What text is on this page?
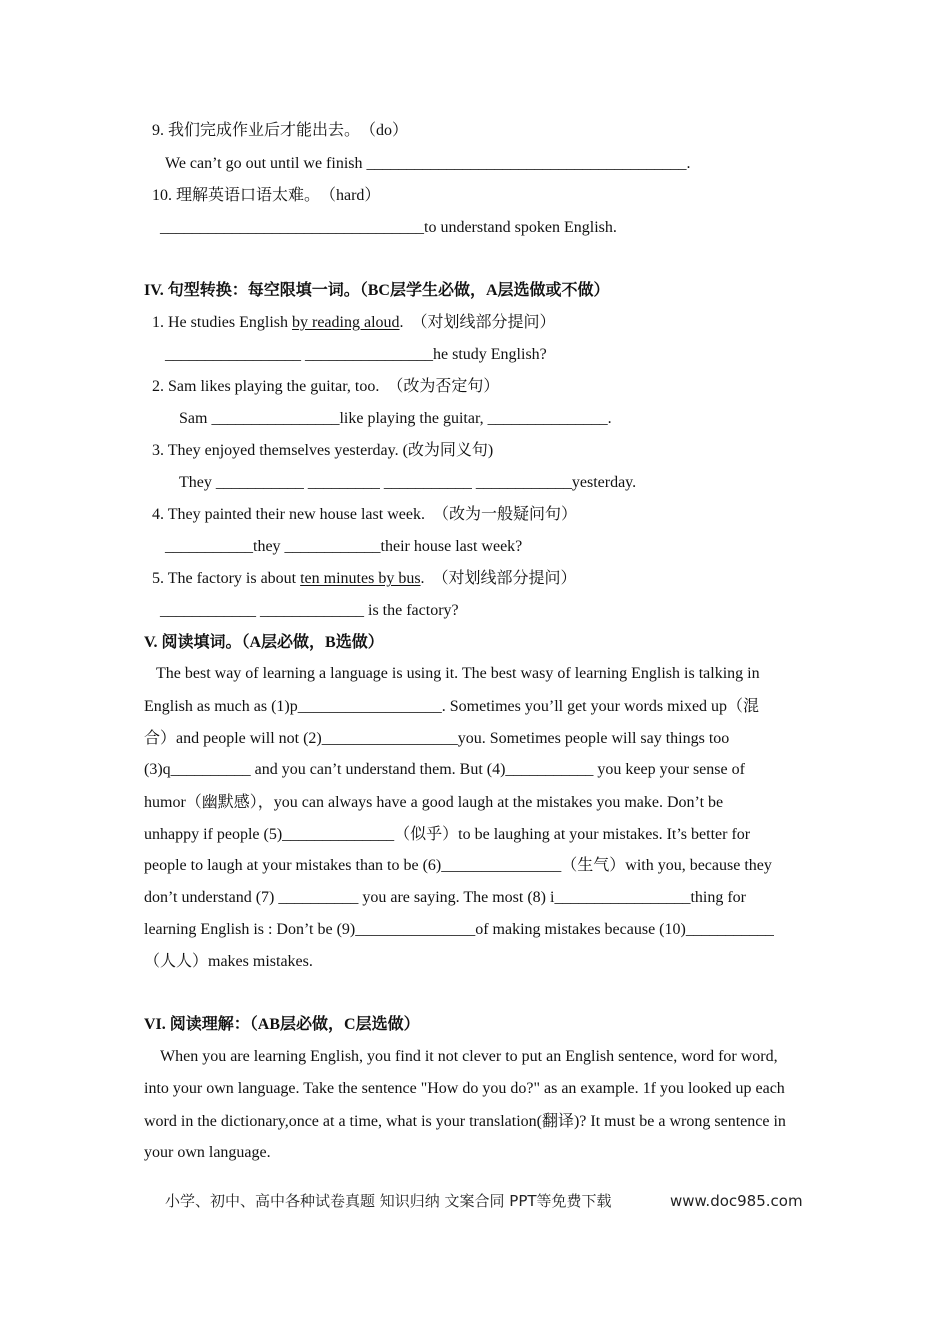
9. 我们完成作业后才能出去。　（do）
We can’t go out until we finish ________________________________________.
10. 理解英语口语太难。　（hard）
_________________________________to understand spoken English.
IV. 句型转换：每空限填一词。（BC层学生必做，A层选做或不做）
1. He studies English by reading aloud.　（对划线部分提问）
_________________ ________________he study English?
2. Sam likes playing the guitar, too.　（改为否定句）
Sam ________________like playing the guitar, _______________.
3. They enjoyed themselves yesterday. (改为同义句)
They ___________ _________ ___________ ____________yesterday.
4. They painted their new house last week.　（改为一般疑问句）
___________they ____________their house last week?
5. The factory is about ten minutes by bus.　（对划线部分提问）
____________ _____________ is the factory?
V. 阅读填词。（A层必做，B选做）
The best way of learning a language is using it. The best wasy of learning English is talking in
English as much as (1)p__________________. Sometimes you’ll get your words mixed up（混
合）and people will not (2)_________________you. Sometimes people will say things too
(3)q__________ and you can’t understand them. But (4)___________ you keep your sense of
humor（幽默感），you can always have a good laugh at the mistakes you make. Don’t be
unhappy if people (5)______________（似乎）to be laughing at your mistakes. It’s better for
people to laugh at your mistakes than to be (6)_______________（生气）with you, because they
don’t understand (7) __________ you are saying. The most (8) i_________________thing for
learning English is : Don’t be (9)_______________of making mistakes because (10)___________
（人人）makes mistakes.
VI. 阅读理解：（AB层必做，C层选做）
When you are learning English, you find it not clever to put an English sentence, word for word,
into your own language. Take the sentence "How do you do?" as an example. 1f you looked up each
word in the dictionary,once at a time, what is your translation(翻译)? It must be a wrong sentence in
your own language.
小学、初中、高中各种试卷真题 知识归纳 文案合同 PPT等免费下载	www.doc985.com
